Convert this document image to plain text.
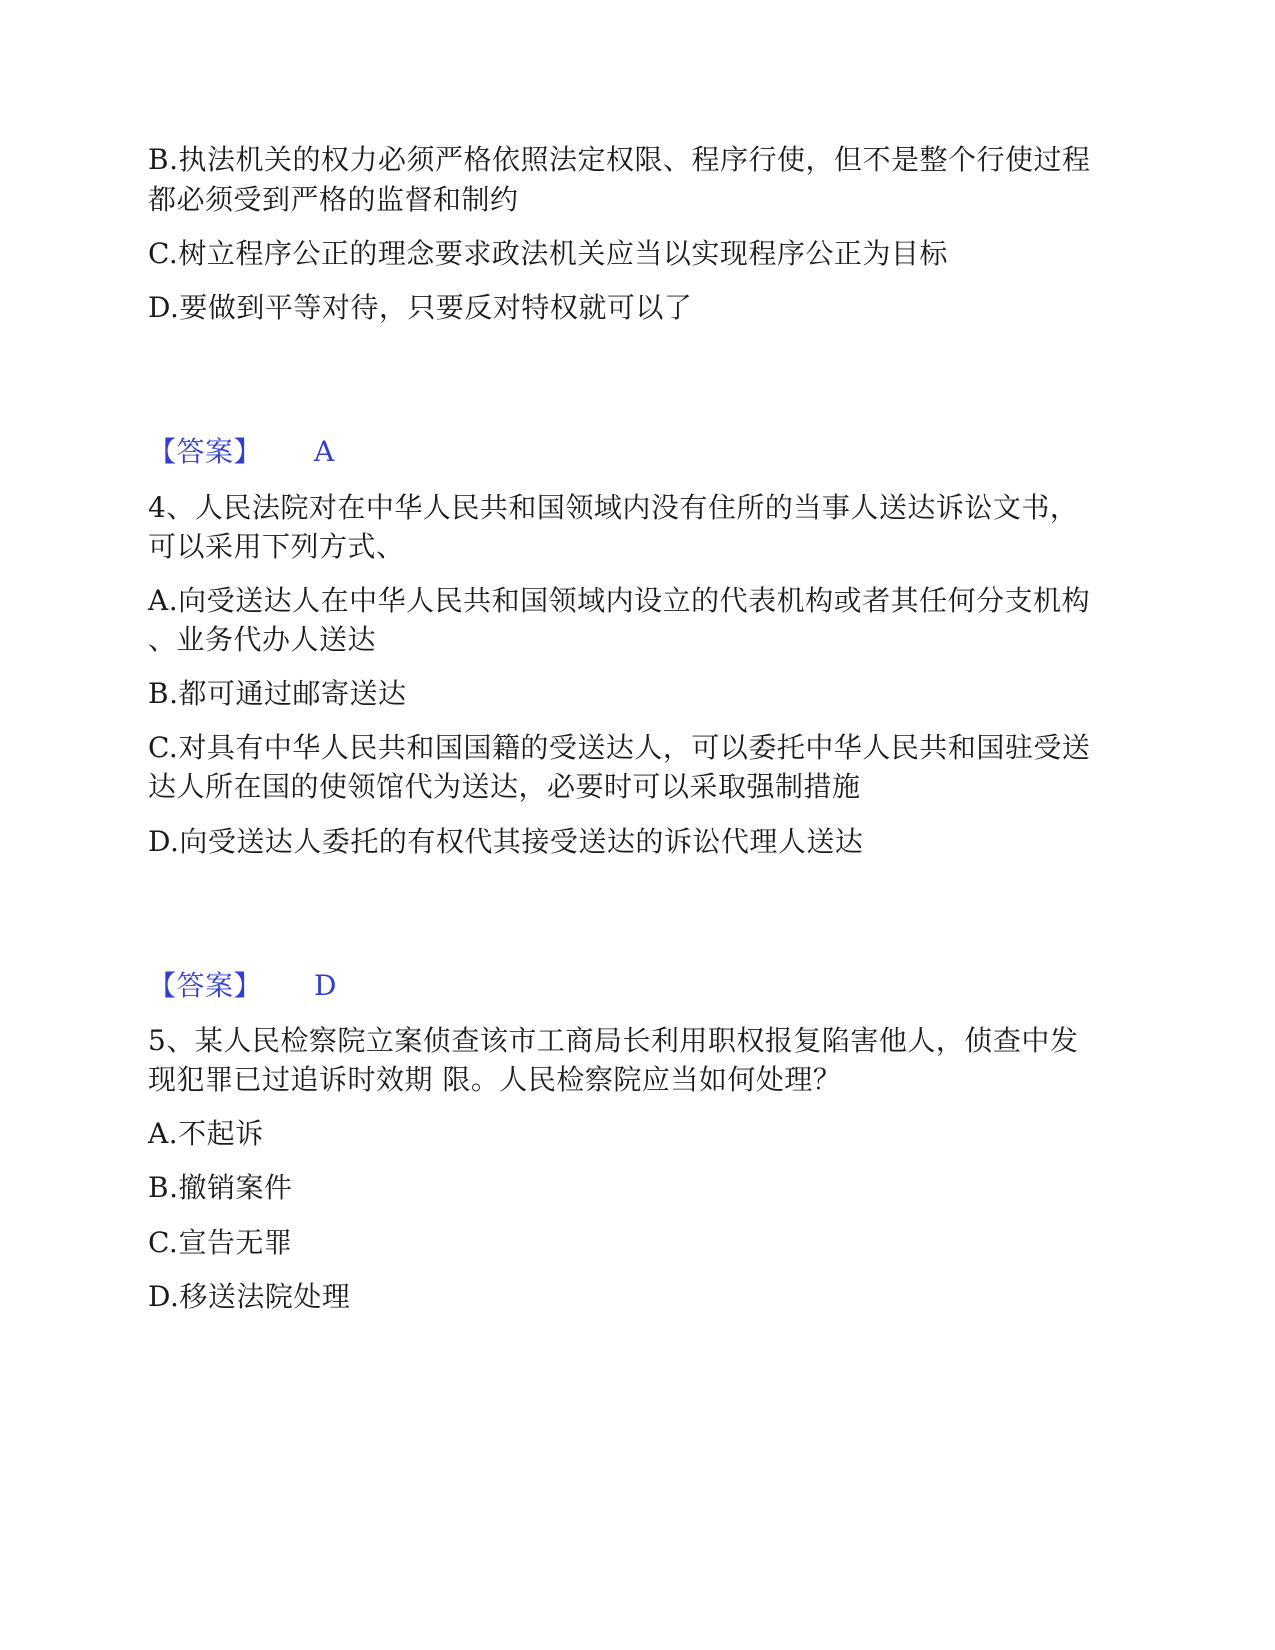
B.执法机关的权力必须严格依照法定权限、程序行使，但不是整个行使过程
都必须受到严格的监督和制约
C.树立程序公正的理念要求政法机关应当以实现程序公正为目标
D.要做到平等对待，只要反对特权就可以了
【答案】 A
4、人民法院对在中华人民共和国领域内没有住所的当事人送达诉讼文书，
可以采用下列方式、
A.向受送达人在中华人民共和国领域内设立的代表机构或者其任何分支机构
、业务代办人送达
B.都可通过邮寄送达
C.对具有中华人民共和国国籍的受送达人，可以委托中华人民共和国驻受送
达人所在国的使领馆代为送达，必要时可以采取强制措施
D.向受送达人委托的有权代其接受送达的诉讼代理人送达
【答案】 D
5、某人民检察院立案侦查该市工商局长利用职权报复陷害他人，侦查中发
现犯罪已过追诉时效期 限。人民检察院应当如何处理？
A.不起诉
B.撤销案件
C.宣告无罪
D.移送法院处理
